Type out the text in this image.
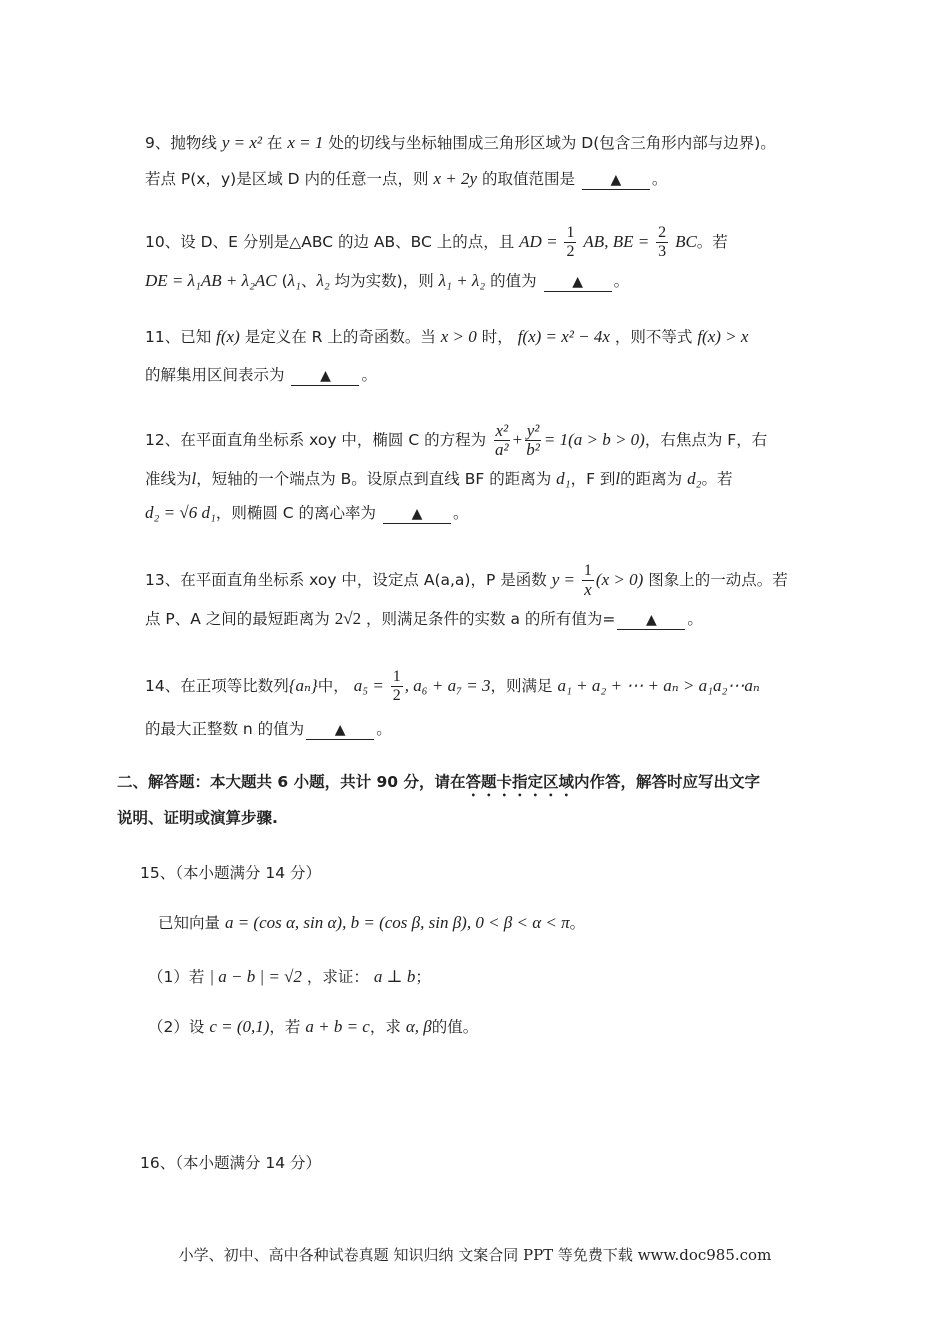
9、抛物线 y = x² 在 x = 1 处的切线与坐标轴围成三角形区域为 D(包含三角形内部与边界)。
若点 P(x，y)是区域 D 内的任意一点，则 x + 2y 的取值范围是	▲ 。
10、设 D、E 分别是△ABC 的边 AB、BC 上的点，且 AD = $\frac{1}{2}$ AB, BE = $\frac{2}{3}$ BC。若
DE = λ₁AB + λ₂AC (λ₁、λ₂ 均为实数)，则 λ₁ + λ₂ 的值为	▲ 。
11、已知 f(x) 是定义在 R 上的奇函数。当 x > 0 时， f(x) = x² − 4x ，则不等式 f(x) > x
的解集用区间表示为	▲ 。
12、在平面直角坐标系 xoy 中，椭圆 C 的方程为 $\frac{\text{x²}}{\text{a²}} + \frac{\text{y²}}{\text{b²}} = 1(a > b > 0)$，右焦点为 F，右
准线为l，短轴的一个端点为 B。设原点到直线 BF 的距离为 d₁，F 到l的距离为 d₂。若
d₂ = √6 d₁，则椭圆 C 的离心率为	▲ 。
13、在平面直角坐标系 xoy 中，设定点 A(a,a)，P 是函数 $y = \frac{1}{x} (x > 0)$ 图象上的一动点。若
点 P、A 之间的最短距离为 2√2 ，则满足条件的实数 a 的所有值为= ▲ 。
14、在正项等比数列{aₙ}中， $a_5 = \frac{1}{2}$ , a₆ + a₇ = 3，则满足 a₁ + a₂ + ⋯ + aₙ > a₁a₂⋯aₙ
的最大正整数 n 的值为 ▲ 。
二、解答题：本大题共 6 小题，共计 90 分，请在答题卡指定区域内作答，解答时应写出文字
说明、证明或演算步骤.
15、（本小题满分 14 分）
已知向量 a = (cos α, sin α), b = (cos β, sin β), 0 < β < α < π。
（1）若 | a − b | = √2 ，求证： a ⊥ b；
（2）设 c = (0,1)，若 a + b = c，求 α, β的值。
16、（本小题满分 14 分）
小学、初中、高中各种试卷真题 知识归纳 文案合同 PPT 等免费下载 www.doc985.com
